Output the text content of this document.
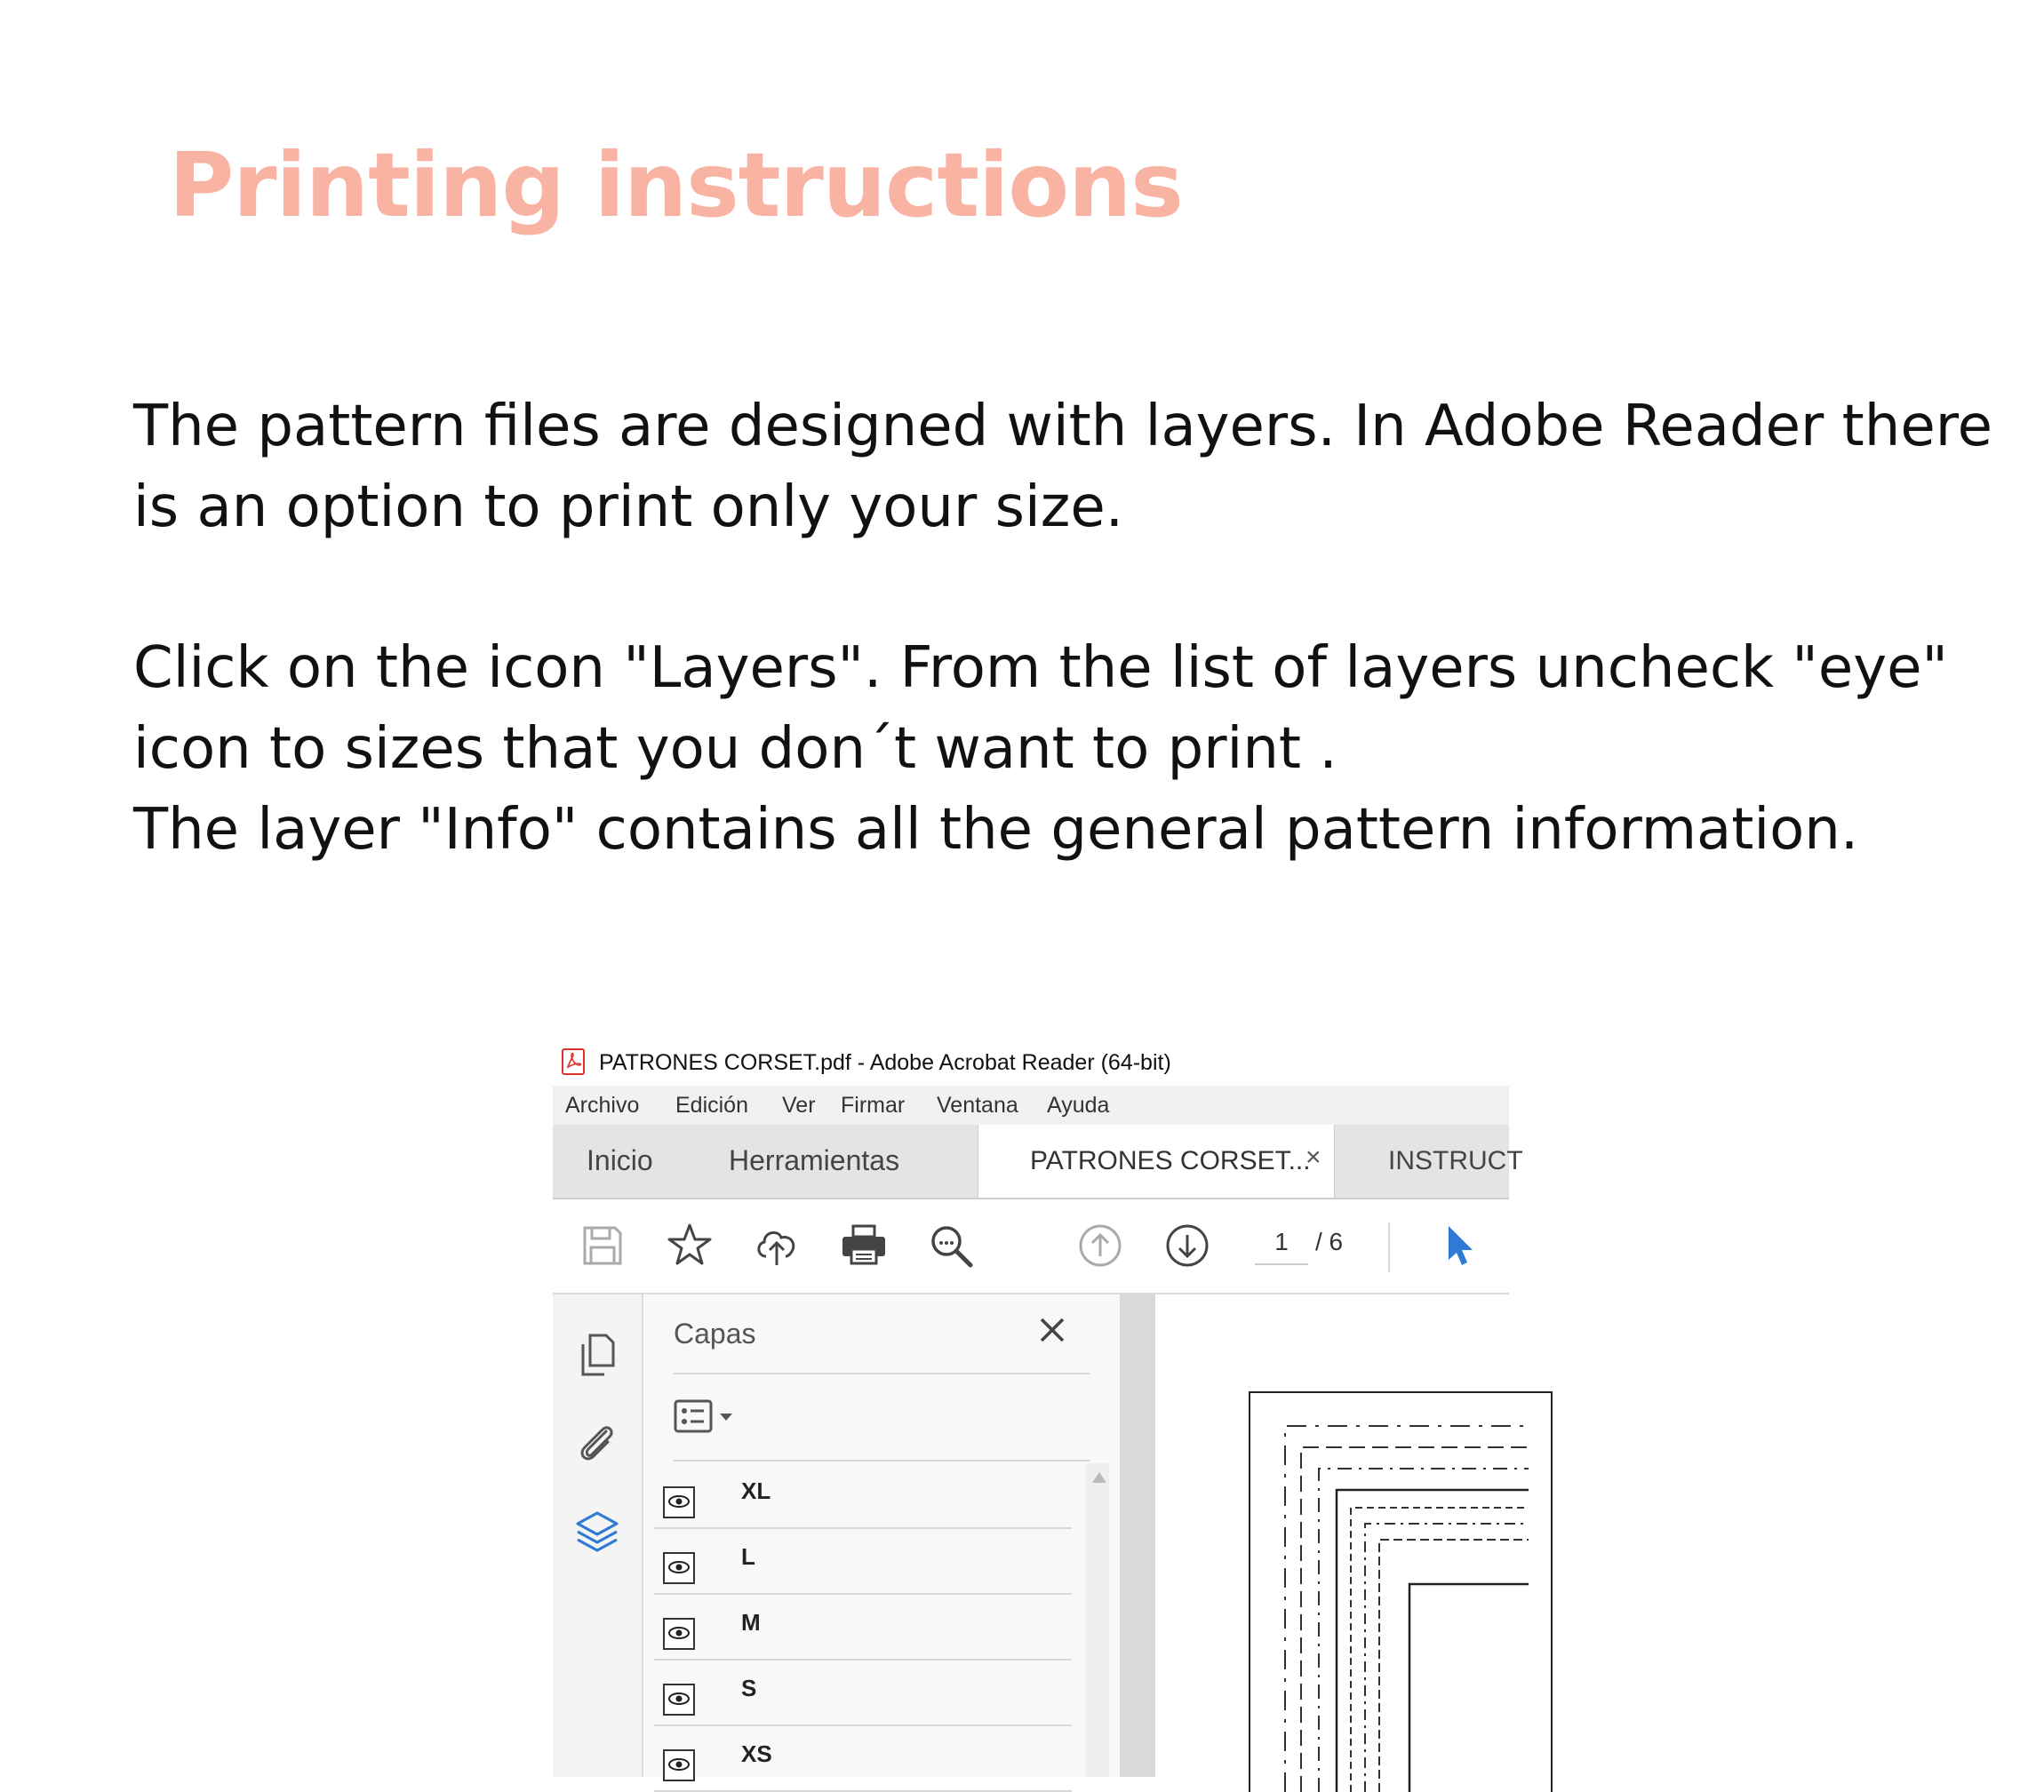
Printing instructions

The pattern files are designed with layers. In Adobe Reader there
is an option to print only your size.

Click on the icon "Layers". From the list of layers uncheck "eye"
icon to sizes that you don´t want to print .
The layer "Info" contains all the general pattern information.

PATRONES CORSET.pdf - Adobe Acrobat Reader (64-bit)
Archivo Edición Ver Firmar Ventana Ayuda
Inicio	Herramientas	PATRONES CORSET...
×	INSTRUCT
1	/ 6
Capas
XL
L
M
S
XS
